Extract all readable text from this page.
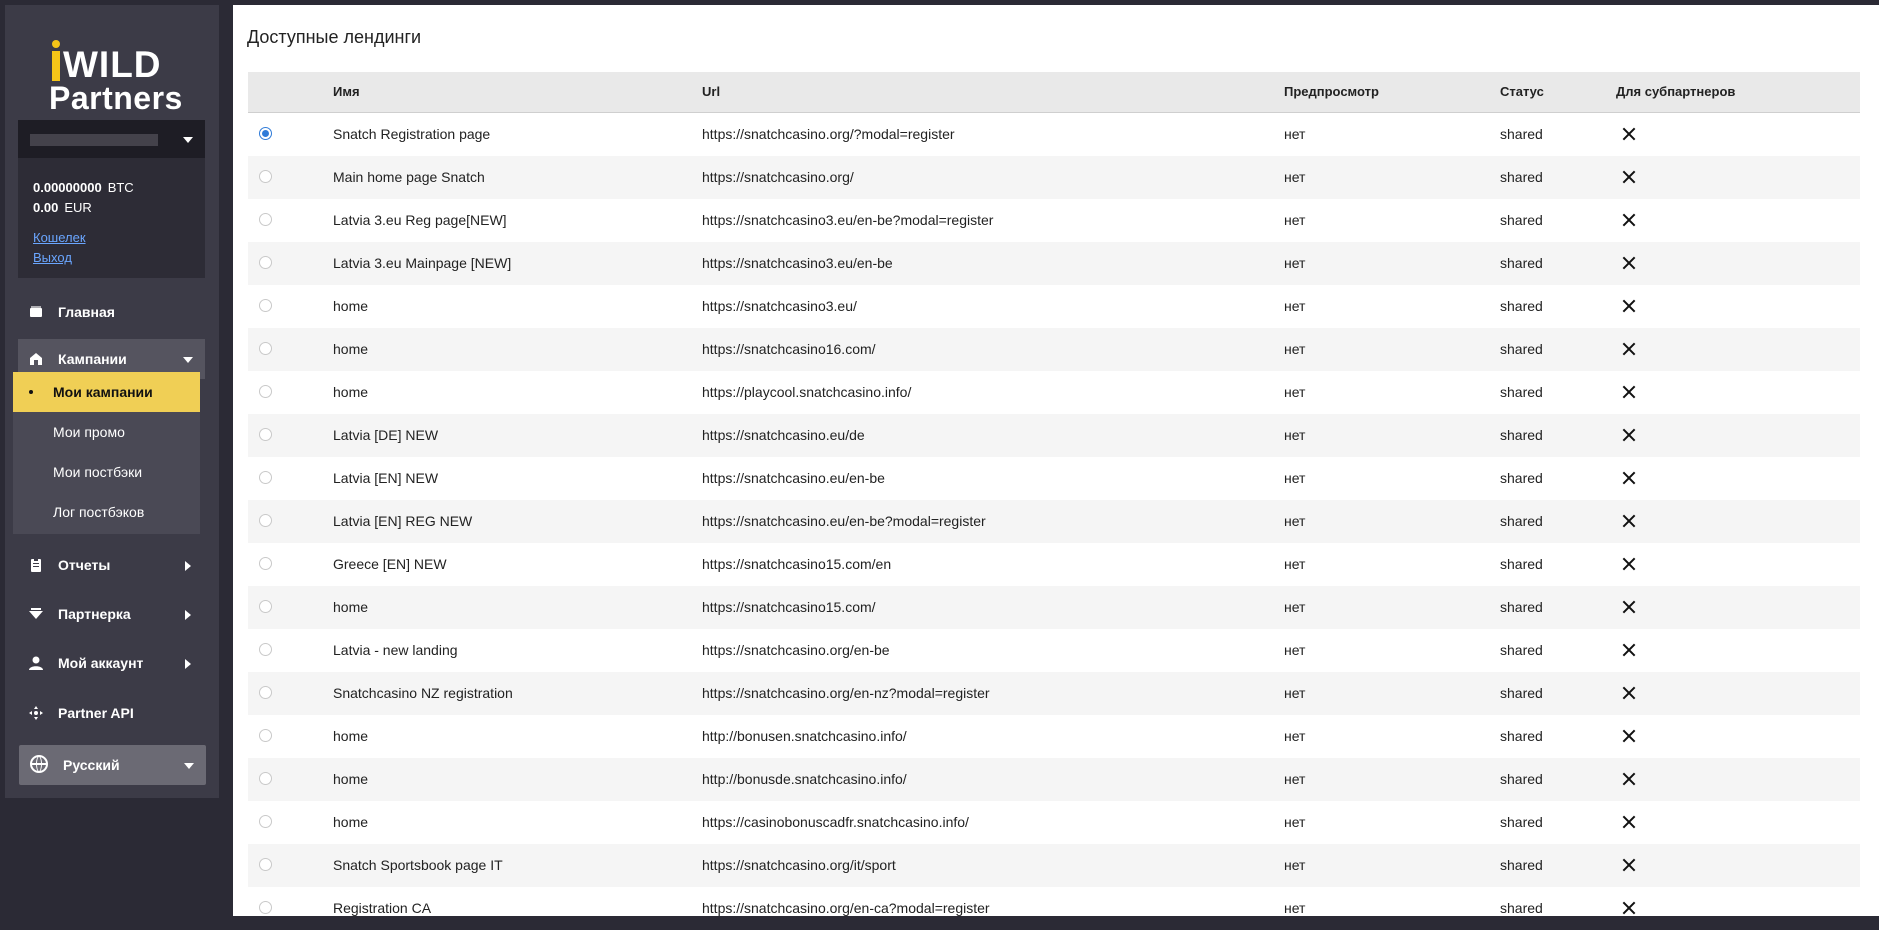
WILD
Partners
0.00000000 BTC
0.00 EUR
Кошелек
Выход
Главная
Кампании
Мои кампании
Мои промо
Мои постбэки
Лог постбэков
Отчеты
Партнерка
Мой аккаунт
Partner API
Русский
Доступные лендинги
Имя	Url	Предпросмотр	Статус	Для субпартнеров
Snatch Registration page	https://snatchcasino.org/?modal=register	нет	shared
Main home page Snatch	https://snatchcasino.org/	нет	shared
Latvia 3.eu Reg page[NEW]	https://snatchcasino3.eu/en-be?modal=register	нет	shared
Latvia 3.eu Mainpage [NEW]	https://snatchcasino3.eu/en-be	нет	shared
home	https://snatchcasino3.eu/	нет	shared
home	https://snatchcasino16.com/	нет	shared
home	https://playcool.snatchcasino.info/	нет	shared
Latvia [DE] NEW	https://snatchcasino.eu/de	нет	shared
Latvia [EN] NEW	https://snatchcasino.eu/en-be	нет	shared
Latvia [EN] REG NEW	https://snatchcasino.eu/en-be?modal=register	нет	shared
Greece [EN] NEW	https://snatchcasino15.com/en	нет	shared
home	https://snatchcasino15.com/	нет	shared
Latvia - new landing	https://snatchcasino.org/en-be	нет	shared
Snatchcasino NZ registration	https://snatchcasino.org/en-nz?modal=register	нет	shared
home	http://bonusen.snatchcasino.info/	нет	shared
home	http://bonusde.snatchcasino.info/	нет	shared
home	https://casinobonuscadfr.snatchcasino.info/	нет	shared
Snatch Sportsbook page IT	https://snatchcasino.org/it/sport	нет	shared
Registration CA	https://snatchcasino.org/en-ca?modal=register	нет	shared
